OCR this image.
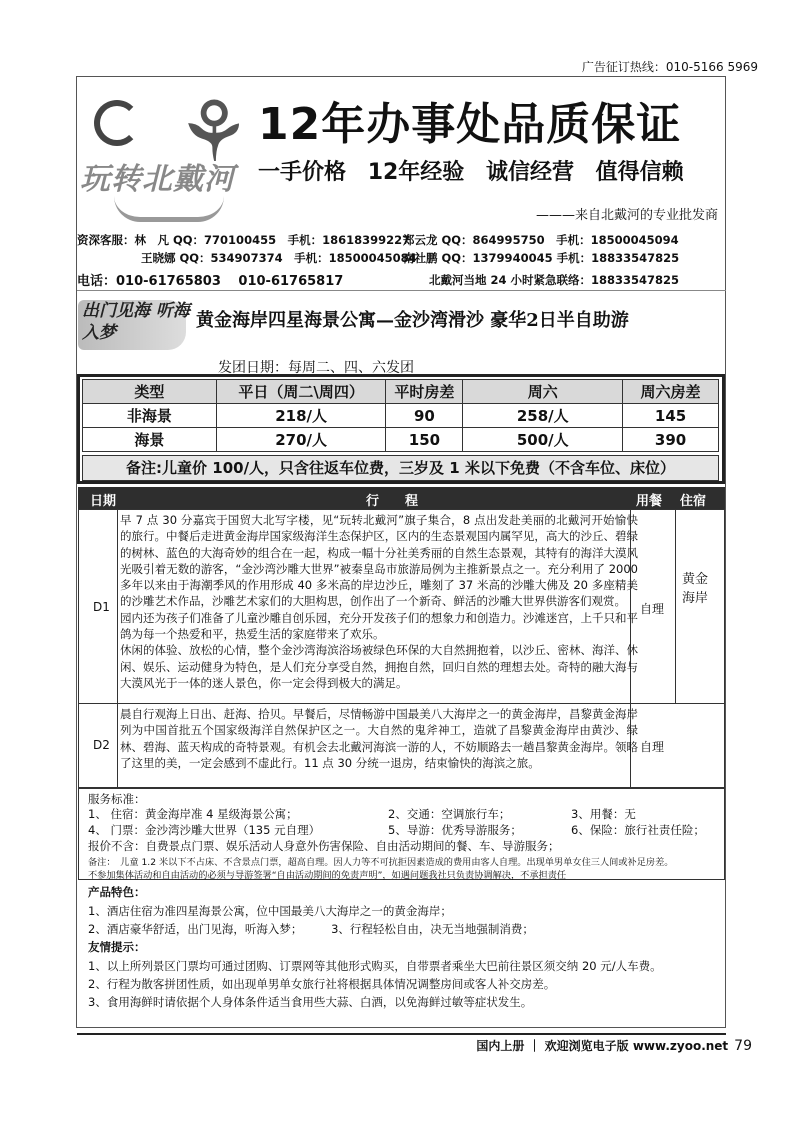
广告征订热线：010-5166 5969
⚘
玩转北戴河
12年办事处品质保证
一手价格 12年经验 诚信经营 值得信赖
———来自北戴河的专业批发商
资深客服：林　凡 QQ：770100455　手机：18618399227
郑云龙 QQ：864995750　手机：18500045094
王晓娜 QQ：534907374　手机：18500045084
南社鹏 QQ：1379940045 手机：18833547825
电话：010-61765803　 010-61765817	北戴河当地 24 小时紧急联络：18833547825
出门见海 听海入梦
黄金海岸四星海景公寓—金沙湾滑沙 豪华2日半自助游
发团日期：每周二、四、六发团
类型	平日（周二\周四）	平时房差	周六	周六房差
非海景	218/人	90	258/人	145
海景	270/人	150	500/人	390
备注:儿童价 100/人，只含往返车位费，三岁及 1 米以下免费（不含车位、床位）
日期	行　　程	用餐 住宿
D1

早 7 点 30 分嘉宾于国贸大北写字楼，见“玩转北戴河”旗子集合，8 点出发赴美丽的北戴河开始愉快的旅行。中餐后走进黄金海岸国家级海洋生态保护区，区内的生态景观国内属罕见，高大的沙丘、碧绿的树林、蓝色的大海奇妙的组合在一起，构成一幅十分社美秀丽的自然生态景观，其特有的海洋大漠风光吸引着无数的游客，“金沙湾沙雕大世界”被秦皇岛市旅游局例为主推新景点之一。充分利用了 2000 多年以来由于海潮季风的作用形成 40 多米高的岸边沙丘，雕刻了 37 米高的沙雕大佛及 20 多座精美的沙雕艺术作品，沙雕艺术家们的大胆构思，创作出了一个新奇、鲜活的沙雕大世界供游客们观赏。

园内还为孩子们准备了儿童沙雕自创乐园，充分开发孩子们的想象力和创造力。沙滩迷宫，上千只和平鸽为每一个热爱和平，热爱生活的家庭带来了欢乐。

休闲的体验、放松的心情，整个金沙湾海滨浴场被绿色环保的大自然拥抱着，以沙丘、密林、海洋、休闲、娱乐、运动健身为特色，是人们充分享受自然，拥抱自然，回归自然的理想去处。奇特的融大海与大漠风光于一体的迷人景色，你一定会得到极大的满足。

自理
黄金海岸
D2

晨自行观海上日出、赶海、拾贝。早餐后，尽情畅游中国最美八大海岸之一的黄金海岸，昌黎黄金海岸列为中国首批五个国家级海洋自然保护区之一。大自然的鬼斧神工，造就了昌黎黄金海岸由黄沙、绿林、碧海、蓝天构成的奇特景观。有机会去北戴河海滨一游的人，不妨顺路去一趟昌黎黄金海岸。领略了这里的美，一定会感到不虚此行。11 点 30 分统一退房，结束愉快的海滨之旅。

自理
服务标准：
1、 住宿：黄金海岸准 4 星级海景公寓；	2、交通：空调旅行车；	3、用餐：无
4、 门票：金沙湾沙雕大世界（135 元自理）	5、导游：优秀导游服务；	6、保险：旅行社责任险；
报价不含：自费景点门票、娱乐活动人身意外伤害保险、自由活动期间的餐、车、导游服务；
备注：　儿童 1.2 米以下不占床、不含景点门票，超高自理。因人力等不可抗拒因素造成的费用由客人自理。出现单男单女住三人间或补足房差。
不参加集体活动和自由活动的必须与导游签署“自由活动期间的免责声明”，如遇问题我社只负责协调解决，不承担责任
产品特色：
1、酒店住宿为准四星海景公寓，位中国最美八大海岸之一的黄金海岸；
2、酒店豪华舒适，出门见海，听海入梦；　　　3、行程轻松自由，决无当地强制消费；
友情提示：
1、以上所列景区门票均可通过团购、订票网等其他形式购买，自带票者乘坐大巴前往景区须交纳 20 元/人车费。
2、行程为散客拼团性质，如出现单男单女旅行社将根据具体情况调整房间或客人补交房差。
3、食用海鲜时请依据个人身体条件适当食用些大蒜、白酒，以免海鲜过敏等症状发生。
国内上册 ｜ 欢迎浏览电子版 www.zyoo.net 79
